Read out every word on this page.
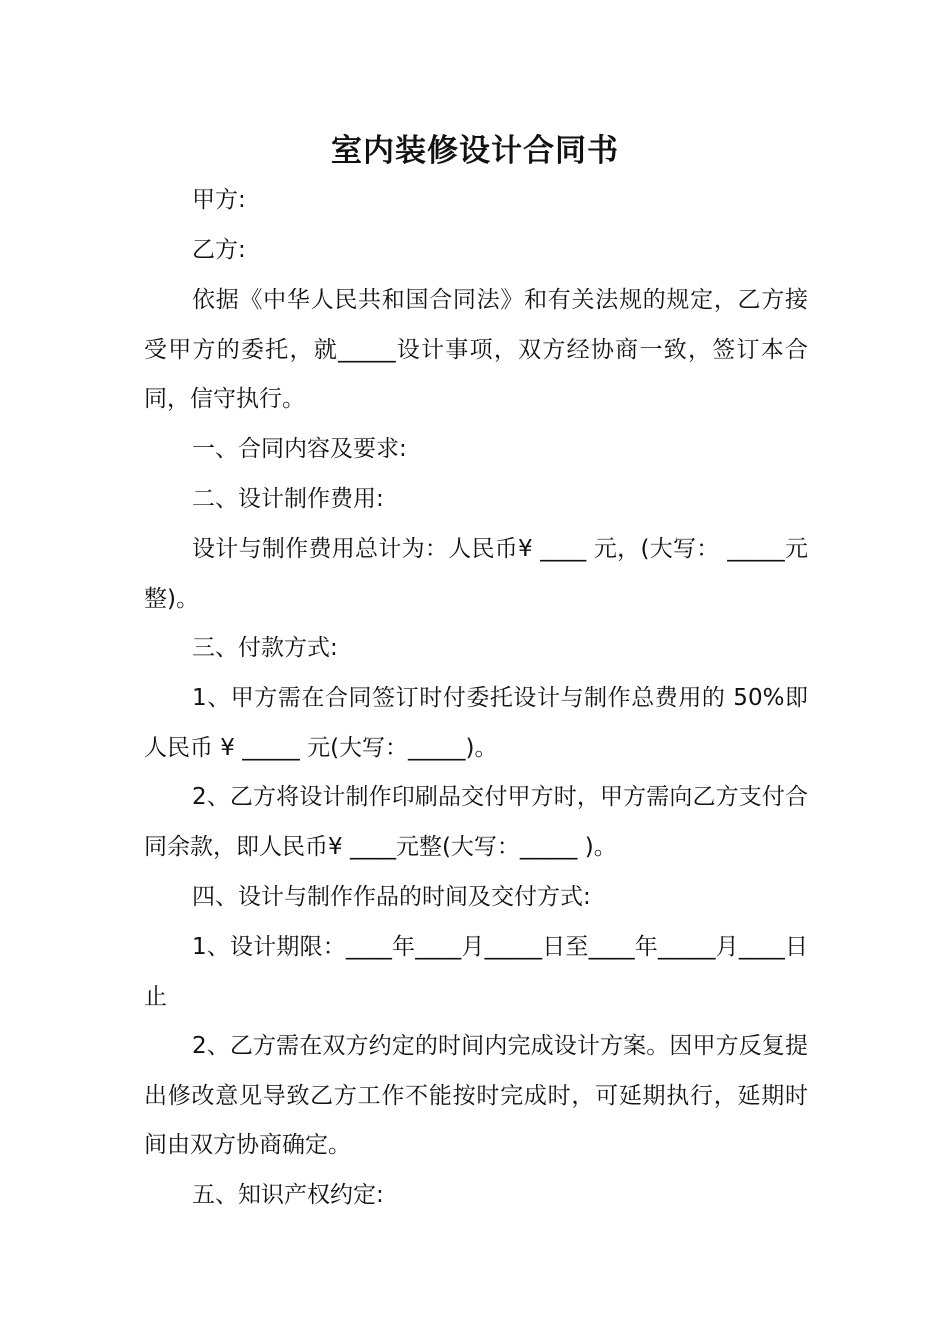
室内装修设计合同书

甲方:

乙方:

依据《中华人民共和国合同法》和有关法规的规定，乙方接受甲方的委托，就_____设计事项，双方经协商一致，签订本合同，信守执行。

一、合同内容及要求:

二、设计制作费用:

设计与制作费用总计为：人民币¥ ____ 元，(大写： _____元整)。

三、付款方式:

1、甲方需在合同签订时付委托设计与制作总费用的 50%即人民币 ¥ _____ 元(大写：_____)。

2、乙方将设计制作印刷品交付甲方时，甲方需向乙方支付合同余款，即人民币¥ ____元整(大写：_____ )。

四、设计与制作作品的时间及交付方式:

1、设计期限：____年____月_____日至____年_____月____日止

2、乙方需在双方约定的时间内完成设计方案。因甲方反复提出修改意见导致乙方工作不能按时完成时，可延期执行，延期时间由双方协商确定。

五、知识产权约定:
